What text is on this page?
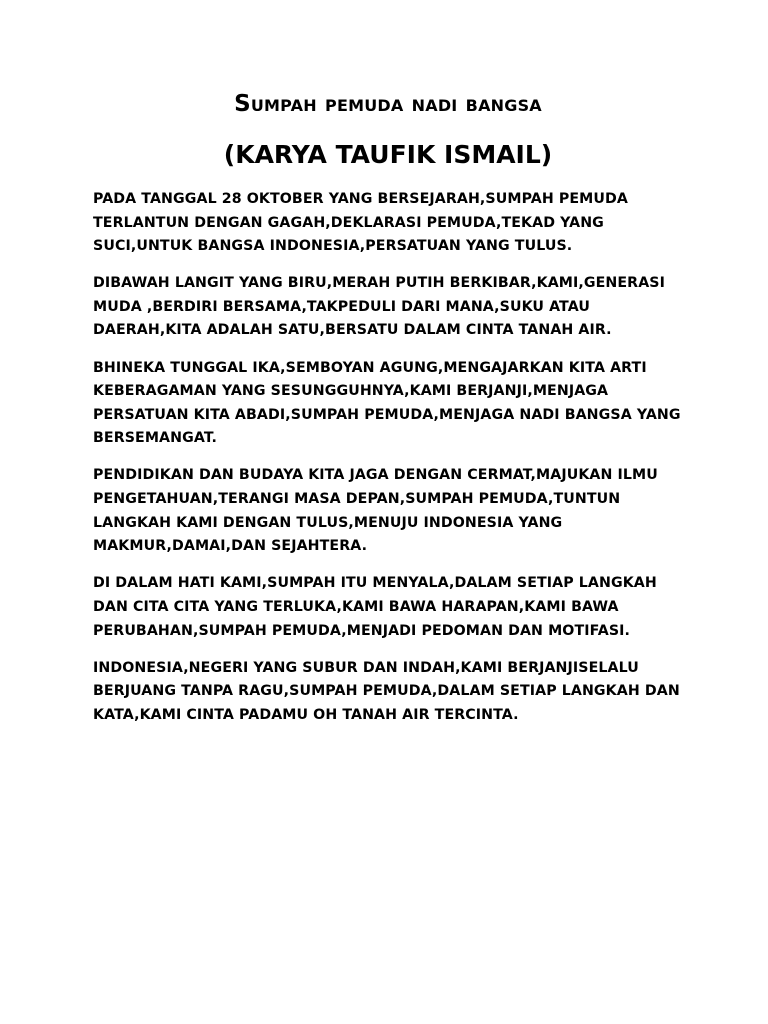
Sumpah pemuda nadi bangsa
(KARYA TAUFIK ISMAIL)

PADA TANGGAL 28 OKTOBER YANG BERSEJARAH,SUMPAH PEMUDA TERLANTUN DENGAN GAGAH,DEKLARASI PEMUDA,TEKAD YANG SUCI,UNTUK BANGSA INDONESIA,PERSATUAN YANG TULUS.

DIBAWAH LANGIT YANG BIRU,MERAH PUTIH BERKIBAR,KAMI,GENERASI MUDA ,BERDIRI BERSAMA,TAKPEDULI DARI MANA,SUKU ATAU DAERAH,KITA ADALAH SATU,BERSATU DALAM CINTA TANAH AIR.

BHINEKA TUNGGAL IKA,SEMBOYAN AGUNG,MENGAJARKAN KITA ARTI KEBERAGAMAN YANG SESUNGGUHNYA,KAMI BERJANJI,MENJAGA PERSATUAN KITA ABADI,SUMPAH PEMUDA,MENJAGA NADI BANGSA YANG BERSEMANGAT.

PENDIDIKAN DAN BUDAYA KITA JAGA DENGAN CERMAT,MAJUKAN ILMU PENGETAHUAN,TERANGI MASA DEPAN,SUMPAH PEMUDA,TUNTUN LANGKAH KAMI DENGAN TULUS,MENUJU INDONESIA YANG MAKMUR,DAMAI,DAN SEJAHTERA.

DI DALAM HATI KAMI,SUMPAH ITU MENYALA,DALAM SETIAP LANGKAH DAN CITA CITA YANG TERLUKA,KAMI BAWA HARAPAN,KAMI BAWA PERUBAHAN,SUMPAH PEMUDA,MENJADI PEDOMAN DAN MOTIFASI.

INDONESIA,NEGERI YANG SUBUR DAN INDAH,KAMI BERJANJISELALU BERJUANG TANPA RAGU,SUMPAH PEMUDA,DALAM SETIAP LANGKAH DAN KATA,KAMI CINTA PADAMU OH TANAH AIR TERCINTA.
